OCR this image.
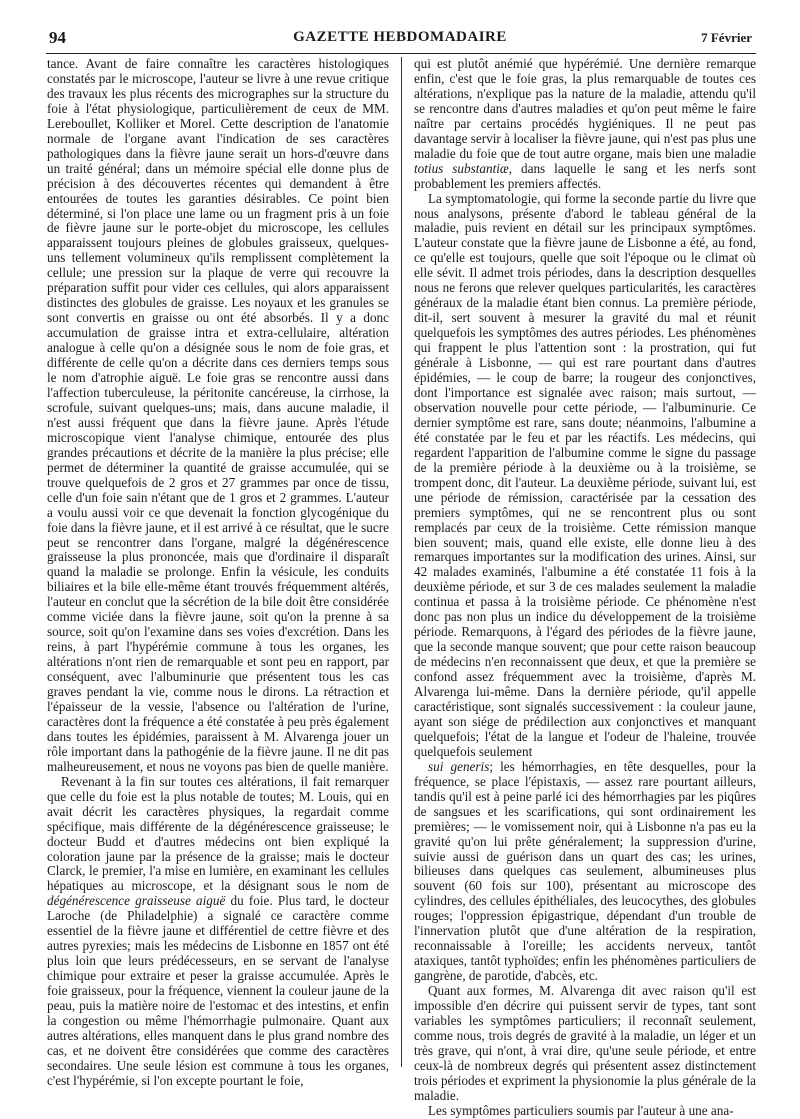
94	GAZETTE HEBDOMADAIRE	7 Février

tance. Avant de faire connaître les caractères histologiques constatés par le microscope, l'auteur se livre à une revue critique des travaux les plus récents des micrographes sur la structure du foie à l'état physiologique, particulièrement de ceux de MM. Lereboullet, Kolliker et Morel. Cette description de l'anatomie normale de l'organe avant l'indication de ses caractères pathologiques dans la fièvre jaune serait un hors-d'œuvre dans un traité général; dans un mémoire spécial elle donne plus de précision à des découvertes récentes qui demandent à être entourées de toutes les garanties désirables. Ce point bien déterminé, si l'on place une lame ou un fragment pris à un foie de fièvre jaune sur le porte-objet du microscope, les cellules apparaissent toujours pleines de globules graisseux, quelques-uns tellement volumineux qu'ils remplissent complètement la cellule; une pression sur la plaque de verre qui recouvre la préparation suffit pour vider ces cellules, qui alors apparaissent distinctes des globules de graisse. Les noyaux et les granules se sont convertis en graisse ou ont été absorbés. Il y a donc accumulation de graisse intra et extra-cellulaire, altération analogue à celle qu'on a désignée sous le nom de foie gras, et différente de celle qu'on a décrite dans ces derniers temps sous le nom d'atrophie aiguë. Le foie gras se rencontre aussi dans l'affection tuberculeuse, la péritonite cancéreuse, la cirrhose, la scrofule, suivant quelques-uns; mais, dans aucune maladie, il n'est aussi fréquent que dans la fièvre jaune. Après l'étude microscopique vient l'analyse chimique, entourée des plus grandes précautions et décrite de la manière la plus précise; elle permet de déterminer la quantité de graisse accumulée, qui se trouve quelquefois de 2 gros et 27 grammes par once de tissu, celle d'un foie sain n'étant que de 1 gros et 2 grammes. L'auteur a voulu aussi voir ce que devenait la fonction glycogénique du foie dans la fièvre jaune, et il est arrivé à ce résultat, que le sucre peut se rencontrer dans l'organe, malgré la dégénérescence graisseuse la plus prononcée, mais que d'ordinaire il disparaît quand la maladie se prolonge. Enfin la vésicule, les conduits biliaires et la bile elle-même étant trouvés fréquemment altérés, l'auteur en conclut que la sécrétion de la bile doit être considérée comme viciée dans la fièvre jaune, soit qu'on la prenne à sa source, soit qu'on l'examine dans ses voies d'excrétion. Dans les reins, à part l'hypérémie commune à tous les organes, les altérations n'ont rien de remarquable et sont peu en rapport, par conséquent, avec l'albuminurie que présentent tous les cas graves pendant la vie, comme nous le dirons. La rétraction et l'épaisseur de la vessie, l'absence ou l'altération de l'urine, caractères dont la fréquence a été constatée à peu près également dans toutes les épidémies, paraissent à M. Alvarenga jouer un rôle important dans la pathogénie de la fièvre jaune. Il ne dit pas malheureusement, et nous ne voyons pas bien de quelle manière.

Revenant à la fin sur toutes ces altérations, il fait remarquer que celle du foie est la plus notable de toutes; M. Louis, qui en avait décrit les caractères physiques, la regardait comme spécifique, mais différente de la dégénérescence graisseuse; le docteur Budd et d'autres médecins ont bien expliqué la coloration jaune par la présence de la graisse; mais le docteur Clarck, le premier, l'a mise en lumière, en examinant les cellules hépatiques au microscope, et la désignant sous le nom de dégénérescence graisseuse aiguë du foie. Plus tard, le docteur Laroche (de Philadelphie) a signalé ce caractère comme essentiel de la fièvre jaune et différentiel de cettre fièvre et des autres pyrexies; mais les médecins de Lisbonne en 1857 ont été plus loin que leurs prédécesseurs, en se servant de l'analyse chimique pour extraire et peser la graisse accumulée. Après le foie graisseux, pour la fréquence, viennent la couleur jaune de la peau, puis la matière noire de l'estomac et des intestins, et enfin la congestion ou même l'hémorrhagie pulmonaire. Quant aux autres altérations, elles manquent dans le plus grand nombre des cas, et ne doivent être considérées que comme des caractères secondaires. Une seule lésion est commune à tous les organes, c'est l'hypérémie, si l'on excepte pourtant le foie,

qui est plutôt anémié que hypérémié. Une dernière remarque enfin, c'est que le foie gras, la plus remarquable de toutes ces altérations, n'explique pas la nature de la maladie, attendu qu'il se rencontre dans d'autres maladies et qu'on peut même le faire naître par certains procédés hygiéniques. Il ne peut pas davantage servir à localiser la fièvre jaune, qui n'est pas plus une maladie du foie que de tout autre organe, mais bien une maladie totius substantiæ, dans laquelle le sang et les nerfs sont probablement les premiers affectés.

La symptomatologie, qui forme la seconde partie du livre que nous analysons, présente d'abord le tableau général de la maladie, puis revient en détail sur les principaux symptômes. L'auteur constate que la fièvre jaune de Lisbonne a été, au fond, ce qu'elle est toujours, quelle que soit l'époque ou le climat où elle sévit. Il admet trois périodes, dans la description desquelles nous ne ferons que relever quelques particularités, les caractères généraux de la maladie étant bien connus. La première période, dit-il, sert souvent à mesurer la gravité du mal et réunit quelquefois les symptômes des autres périodes. Les phénomènes qui frappent le plus l'attention sont : la prostration, qui fut générale à Lisbonne, — qui est rare pourtant dans d'autres épidémies, — le coup de barre; la rougeur des conjonctives, dont l'importance est signalée avec raison; mais surtout, — observation nouvelle pour cette période, — l'albuminurie. Ce dernier symptôme est rare, sans doute; néanmoins, l'albumine a été constatée par le feu et par les réactifs. Les médecins, qui regardent l'apparition de l'albumine comme le signe du passage de la première période à la deuxième ou à la troisième, se trompent donc, dit l'auteur. La deuxième période, suivant lui, est une période de rémission, caractérisée par la cessation des premiers symptômes, qui ne se rencontrent plus ou sont remplacés par ceux de la troisième. Cette rémission manque bien souvent; mais, quand elle existe, elle donne lieu à des remarques importantes sur la modification des urines. Ainsi, sur 42 malades examinés, l'albumine a été constatée 11 fois à la deuxième période, et sur 3 de ces malades seulement la maladie continua et passa à la troisième période. Ce phénomène n'est donc pas non plus un indice du développement de la troisième période. Remarquons, à l'égard des périodes de la fièvre jaune, que la seconde manque souvent; que pour cette raison beaucoup de médecins n'en reconnaissent que deux, et que la première se confond assez fréquemment avec la troisième, d'après M. Alvarenga lui-même. Dans la dernière période, qu'il appelle caractéristique, sont signalés successivement : la couleur jaune, ayant son siége de prédilection aux conjonctives et manquant quelquefois; l'état de la langue et l'odeur de l'haleine, trouvée quelquefois seulement

sui generis; les hémorrhagies, en tête desquelles, pour la fréquence, se place l'épistaxis, — assez rare pourtant ailleurs, tandis qu'il est à peine parlé ici des hémorrhagies par les piqûres de sangsues et les scarifications, qui sont ordinairement les premières; — le vomissement noir, qui à Lisbonne n'a pas eu la gravité qu'on lui prête généralement; la suppression d'urine, suivie aussi de guérison dans un quart des cas; les urines, bilieuses dans quelques cas seulement, albumineuses plus souvent (60 fois sur 100), présentant au microscope des cylindres, des cellules épithéliales, des leucocythes, des globules rouges; l'oppression épigastrique, dépendant d'un trouble de l'innervation plutôt que d'une altération de la respiration, reconnaissable à l'oreille; les accidents nerveux, tantôt ataxiques, tantôt typhoïdes; enfin les phénomènes particuliers de gangrène, de parotide, d'abcès, etc.

Quant aux formes, M. Alvarenga dit avec raison qu'il est impossible d'en décrire qui puissent servir de types, tant sont variables les symptômes particuliers; il reconnaît seulement, comme nous, trois degrés de gravité à la maladie, un léger et un très grave, qui n'ont, à vrai dire, qu'une seule période, et entre ceux-là de nombreux degrés qui présentent assez distinctement trois périodes et expriment la physionomie la plus générale de la maladie.

Les symptômes particuliers soumis par l'auteur à une ana-
